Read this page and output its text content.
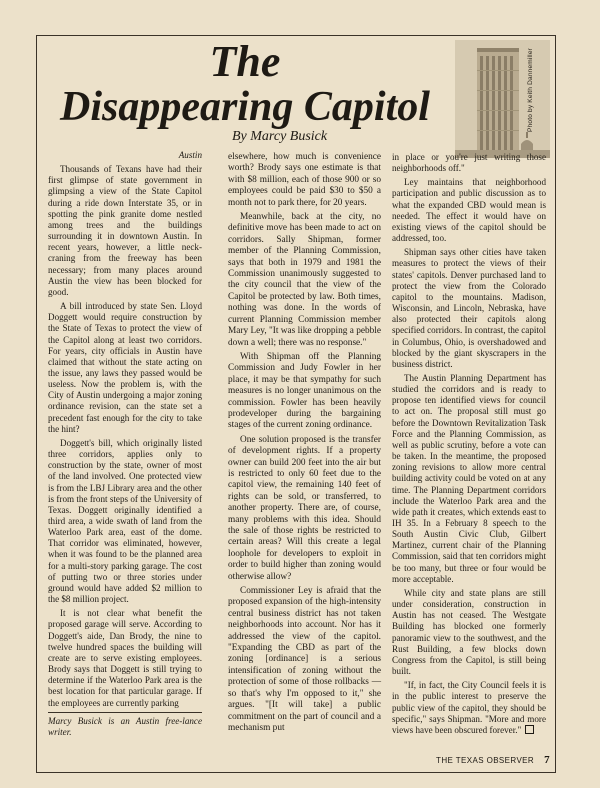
The
Disappearing Capitol
By Marcy Busick
Photo by Keith Dannemiller

Austin

Thousands of Texans have had their first glimpse of state government in glimpsing a view of the State Capitol during a ride down Interstate 35, or in spotting the pink granite dome nestled among trees and the buildings surrounding it in downtown Austin. In recent years, however, a little neck-craning from the freeway has been necessary; from many places around Austin the view has been blocked for good.

A bill introduced by state Sen. Lloyd Doggett would require construction by the State of Texas to protect the view of the Capitol along at least two corridors. For years, city officials in Austin have claimed that without the state acting on the issue, any laws they passed would be useless. Now the problem is, with the City of Austin undergoing a major zoning ordinance revision, can the state set a precedent fast enough for the city to take the hint?

Doggett's bill, which originally listed three corridors, applies only to construction by the state, owner of most of the land involved. One protected view is from the LBJ Library area and the other is from the front steps of the University of Texas. Doggett originally identified a third area, a wide swath of land from the Waterloo Park area, east of the dome. That corridor was eliminated, however, when it was found to be the planned area for a multi-story parking garage. The cost of putting two or three stories under ground would have added $2 million to the $8 million project.

It is not clear what benefit the proposed garage will serve. According to Doggett's aide, Dan Brody, the nine to twelve hundred spaces the building will create are to serve existing employees. Brody says that Doggett is still trying to determine if the Waterloo Park area is the best location for that particular garage. If the employees are currently parking

Marcy Busick is an Austin free-lance writer.

elsewhere, how much is convenience worth? Brody says one estimate is that with $8 million, each of those 900 or so employees could be paid $30 to $50 a month not to park there, for 20 years.

Meanwhile, back at the city, no definitive move has been made to act on corridors. Sally Shipman, former member of the Planning Commission, says that both in 1979 and 1981 the Commission unanimously suggested to the city council that the view of the Capitol be protected by law. Both times, nothing was done. In the words of current Planning Commission member Mary Ley, "It was like dropping a pebble down a well; there was no response."

With Shipman off the Planning Commission and Judy Fowler in her place, it may be that sympathy for such measures is no longer unanimous on the commission. Fowler has been heavily prodeveloper during the bargaining stages of the current zoning ordinance.

One solution proposed is the transfer of development rights. If a property owner can build 200 feet into the air but is restricted to only 60 feet due to the capitol view, the remaining 140 feet of rights can be sold, or transferred, to another property. There are, of course, many problems with this idea. Should the sale of those rights be restricted to certain areas? Will this create a legal loophole for developers to exploit in order to build higher than zoning would otherwise allow?

Commissioner Ley is afraid that the proposed expansion of the high-intensity central business district has not taken neighborhoods into account. Nor has it addressed the view of the capitol. "Expanding the CBD as part of the zoning [ordinance] is a serious intensification of zoning without the protection of some of those rollbacks — so that's why I'm opposed to it," she argues. "[It will take] a public commitment on the part of council and a mechanism put

in place or you're just writing those neighborhoods off."

Ley maintains that neighborhood participation and public discussion as to what the expanded CBD would mean is needed. The effect it would have on existing views of the capitol should be addressed, too.

Shipman says other cities have taken measures to protect the views of their states' capitols. Denver purchased land to protect the view from the Colorado capitol to the mountains. Madison, Wisconsin, and Lincoln, Nebraska, have also protected their capitols along specified corridors. In contrast, the capitol in Columbus, Ohio, is overshadowed and blocked by the giant skyscrapers in the business district.

The Austin Planning Department has studied the corridors and is ready to propose ten identified views for council to act on. The proposal still must go before the Downtown Revitalization Task Force and the Planning Commission, as well as public scrutiny, before a vote can be taken. In the meantime, the proposed zoning revisions to allow more central building activity could be voted on at any time. The Planning Department corridors include the Waterloo Park area and the wide path it creates, which extends east to IH 35. In a February 8 speech to the South Austin Civic Club, Gilbert Martinez, current chair of the Planning Commission, said that ten corridors might be too many, but three or four would be more acceptable.

While city and state plans are still under consideration, construction in Austin has not ceased. The Westgate Building has blocked one formerly panoramic view to the southwest, and the Rust Building, a few blocks down Congress from the Capitol, is still being built.

"If, in fact, the City Council feels it is in the public interest to preserve the public view of the capitol, they should be specific," says Shipman. "More and more views have been obscured forever."

THE TEXAS OBSERVER 7
